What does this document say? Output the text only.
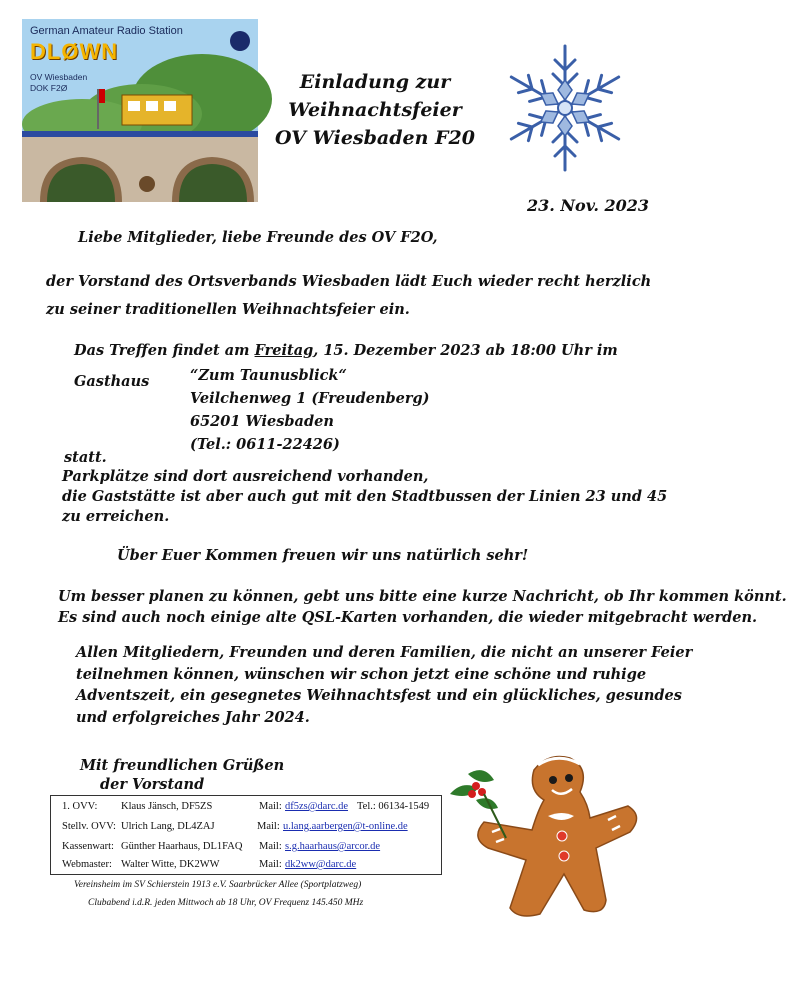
German Amateur Radio Station
DLØWN
OV Wiesbaden
DOK F2Ø	Einladung zur
Weihnachtsfeier
OV Wiesbaden F20
23. Nov. 2023
Liebe Mitglieder, liebe Freunde des OV F2O,
der Vorstand des Ortsverbands Wiesbaden lädt Euch wieder recht herzlich
zu seiner traditionellen Weihnachtsfeier ein.
Das Treffen findet am Freitag, 15. Dezember 2023 ab 18:00 Uhr im
Gasthaus	“Zum Taunusblick“
Veilchenweg 1 (Freudenberg)
65201 Wiesbaden
(Tel.: 0611-22426)
statt.
Parkplätze sind dort ausreichend vorhanden,
die Gaststätte ist aber auch gut mit den Stadtbussen der Linien 23 und 45
zu erreichen.
Über Euer Kommen freuen wir uns natürlich sehr!
Um besser planen zu können, gebt uns bitte eine kurze Nachricht, ob Ihr kommen könnt.
Es sind auch noch einige alte QSL-Karten vorhanden, die wieder mitgebracht werden.
Allen Mitgliedern, Freunden und deren Familien, die nicht an unserer Feier
teilnehmen können, wünschen wir schon jetzt eine schöne und ruhige
Adventszeit, ein gesegnetes Weihnachtsfest und ein glückliches, gesundes
und erfolgreiches Jahr 2024.
Mit freundlichen Grüßen
der Vorstand
1. OVV: Klaus Jänsch, DF5ZS	Mail: df5zs@darc.de Tel.: 06134-1549
Stellv. OVV: Ulrich Lang, DL4ZAJ	Mail: u.lang.aarbergen@t-online.de
Kassenwart: Günther Haarhaus, DL1FAQ Mail: s.g.haarhaus@arcor.de
Webmaster: Walter Witte, DK2WW	Mail: dk2ww@darc.de
Vereinsheim im SV Schierstein 1913 e.V. Saarbrücker Allee (Sportplatzweg)
Clubabend i.d.R. jeden Mittwoch ab 18 Uhr, OV Frequenz 145.450 MHz
